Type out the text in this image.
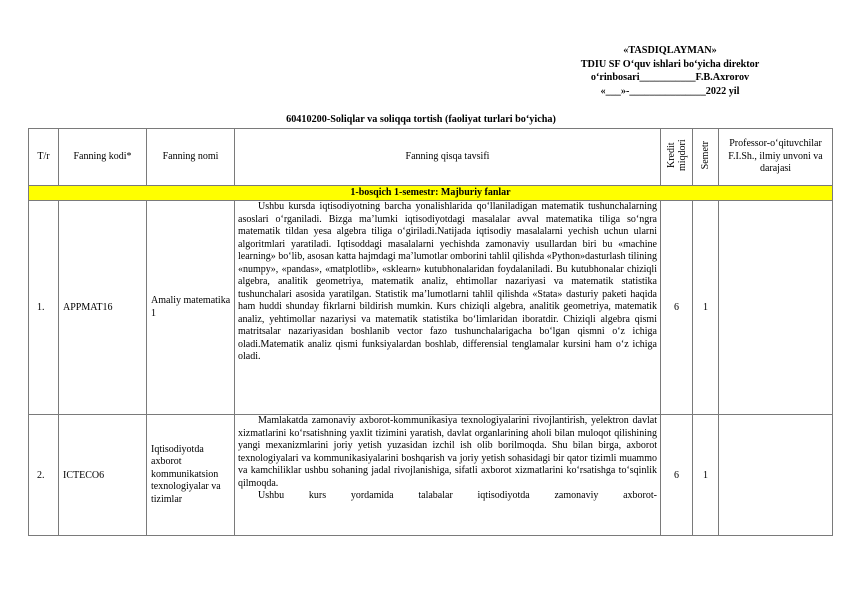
«TASDIQLAYMAN»
TDIU SF O‘quv ishlari bo‘yicha direktor
o‘rinbosari___________F.B.Axrorov
«___»-_______________2022 yil
60410200-Soliqlar va soliqqa tortish (faoliyat turlari bo‘yicha)
T/r	Fanning kodi*	Fanning nomi	Fanning qisqa tavsifi	Kredit miqdori	Semetr	Professor-o‘qituvchilar F.I.Sh., ilmiy unvoni va darajasi
1-bosqich 1-semestr: Majburiy fanlar						
1.	APPMAT16	Amaliy matematika 1	Ushbu kursda iqtisodiyotning barcha yonalishlarida qo‘llaniladigan matematik tushunchalarning asoslari o‘rganiladi. Bizga ma’lumki iqtisodiyotdagi masalalar avval matematika tiliga so‘ngra matematik tildan yesa algebra tiliga o‘giriladi.Natijada iqtisodiy masalalarni yechish uchun ularni algoritmlari yaratiladi. Iqtisoddagi masalalarni yechishda zamonaviy usullardan biri bu «machine learning» bo‘lib, asosan katta hajmdagi ma’lumotlar omborini tahlil qilishda «Python»dasturlash tilining «numpy», «pandas», «matplotlib», «sklearn» kutubhonalaridan foydalaniladi. Bu kutubhonalar chiziqli algebra, analitik geometriya, matematik analiz, ehtimollar nazariyasi va matematik statistika tushunchalari asosida yaratilgan. Statistik ma’lumotlarni tahlil qilishda «Stata» dasturiy paketi haqida ham huddi shunday fikrlarni bildirish mumkin. Kurs chiziqli algebra, analitik geometriya, matematik analiz, yehtimollar nazariysi va matematik statistika bo‘limlaridan iboratdir. Chiziqli algebra qismi matritsalar nazariyasidan boshlanib vector fazo tushunchalarigacha bo‘lgan qismni o‘z ichiga oladi.Matematik analiz qismi funksiyalardan boshlab, differensial tenglamalar kursini ham o‘z ichiga oladi.	6	1	
2.	ICTECO6	Iqtisodiyotda axborot kommunikatsion texnologiyalar va tizimlar	Mamlakatda zamonaviy axborot-kommunikasiya texnologiyalarini rivojlantirish, yelektron davlat xizmatlarini ko‘rsatishning yaxlit tizimini yaratish, davlat organlarining aholi bilan muloqot qilishining yangi mexanizmlarini joriy yetish yuzasidan izchil ish olib borilmoqda. Shu bilan birga, axborot texnologiyalari va kommunikasiyalarini boshqarish va joriy yetish sohasidagi bir qator tizimli muammo va kamchiliklar ushbu sohaning jadal rivojlanishiga, sifatli axborot xizmatlarini ko‘rsatishga to‘sqinlik qilmoqda.

Ushbu kurs yordamida talabalar iqtisodiyotda zamonaviy axborot-	6	1	
